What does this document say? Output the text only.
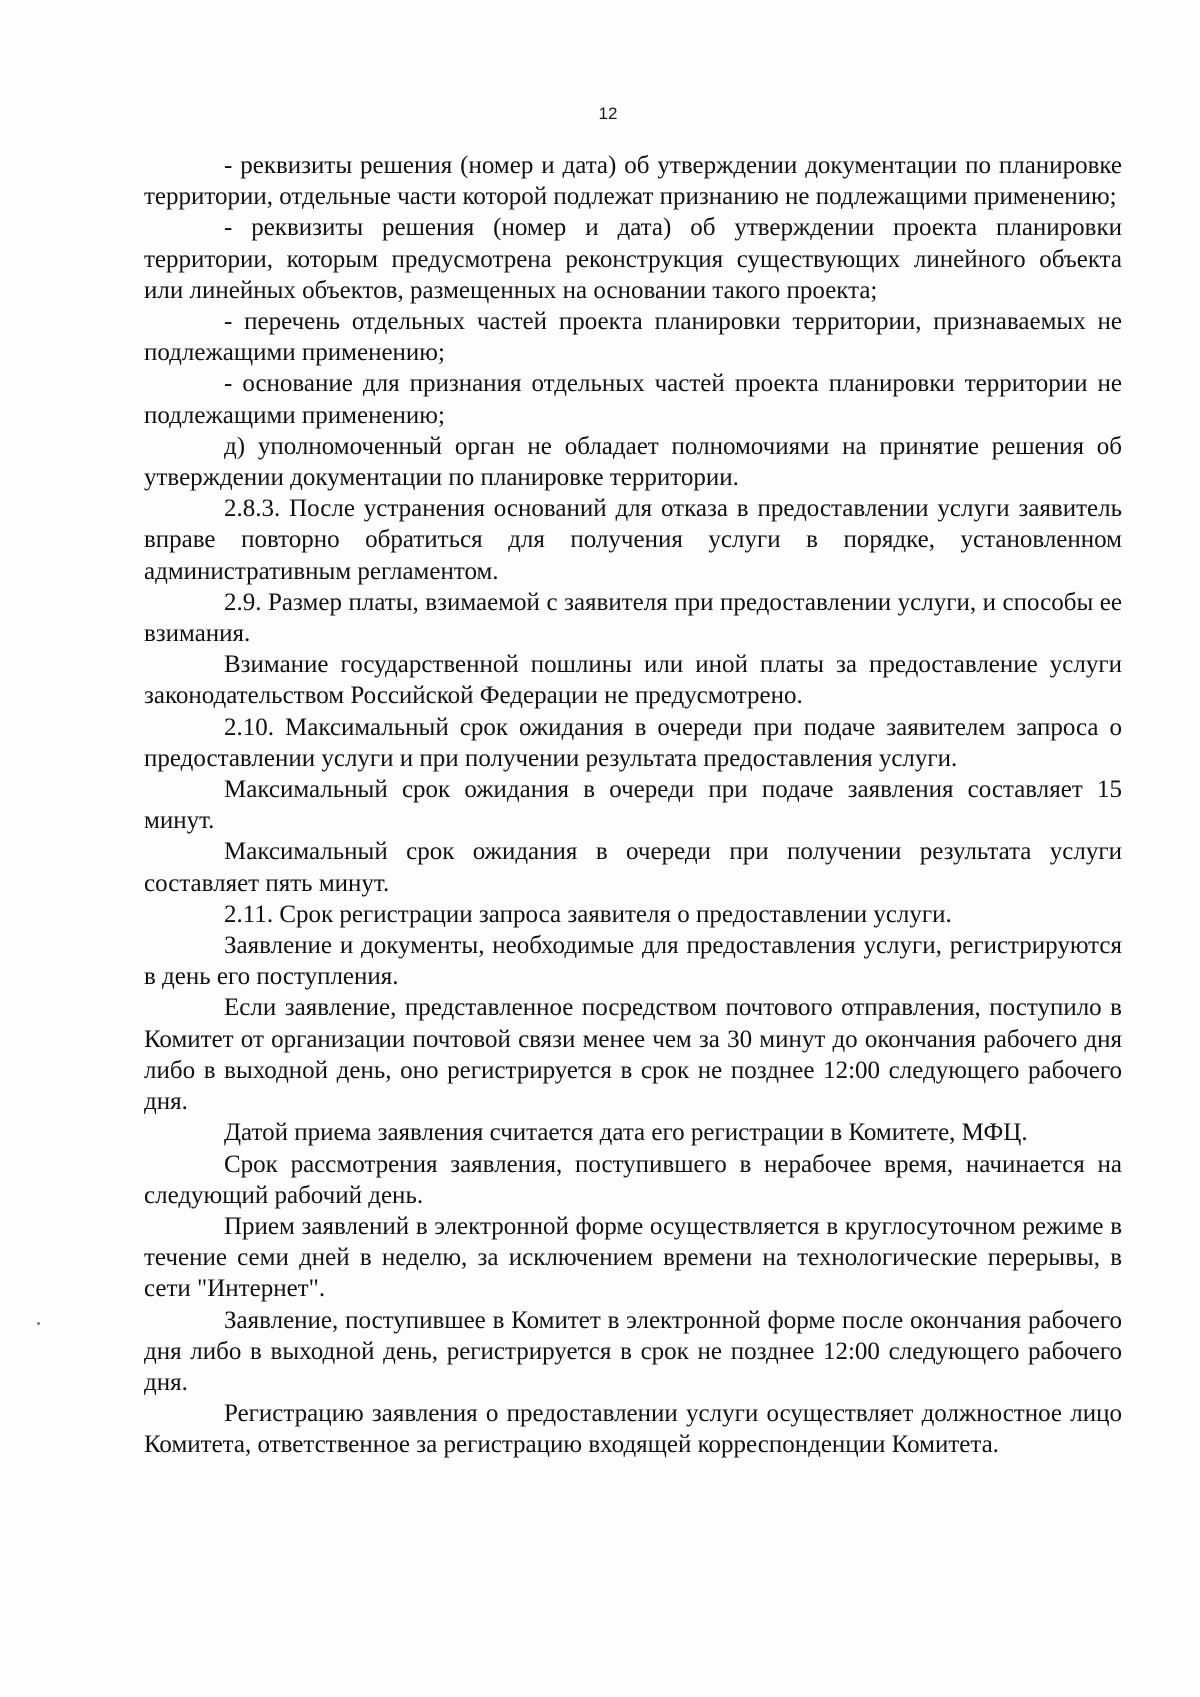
12

- реквизиты решения (номер и дата) об утверждении документации по планировке территории, отдельные части которой подлежат признанию не подлежащими применению;

- реквизиты решения (номер и дата) об утверждении проекта планировки территории, которым предусмотрена реконструкция существующих линейного объекта или линейных объектов, размещенных на основании такого проекта;

- перечень отдельных частей проекта планировки территории, признаваемых не подлежащими применению;

- основание для признания отдельных частей проекта планировки территории не подлежащими применению;

д) уполномоченный орган не обладает полномочиями на принятие решения об утверждении документации по планировке территории.

2.8.3. После устранения оснований для отказа в предоставлении услуги заявитель вправе повторно обратиться для получения услуги в порядке, установленном административным регламентом.

2.9. Размер платы, взимаемой с заявителя при предоставлении услуги, и способы ее взимания.

Взимание государственной пошлины или иной платы за предоставление услуги законодательством Российской Федерации не предусмотрено.

2.10. Максимальный срок ожидания в очереди при подаче заявителем запроса о предоставлении услуги и при получении результата предоставления услуги.

Максимальный срок ожидания в очереди при подаче заявления составляет 15 минут.

Максимальный срок ожидания в очереди при получении результата услуги составляет пять минут.

2.11. Срок регистрации запроса заявителя о предоставлении услуги.

Заявление и документы, необходимые для предоставления услуги, регистрируются в день его поступления.

Если заявление, представленное посредством почтового отправления, поступило в Комитет от организации почтовой связи менее чем за 30 минут до окончания рабочего дня либо в выходной день, оно регистрируется в срок не позднее 12:00 следующего рабочего дня.

Датой приема заявления считается дата его регистрации в Комитете, МФЦ.

Срок рассмотрения заявления, поступившего в нерабочее время, начинается на следующий рабочий день.

Прием заявлений в электронной форме осуществляется в круглосуточном режиме в течение семи дней в неделю, за исключением времени на технологические перерывы, в сети "Интернет".

Заявление, поступившее в Комитет в электронной форме после окончания рабочего дня либо в выходной день, регистрируется в срок не позднее 12:00 следующего рабочего дня.

Регистрацию заявления о предоставлении услуги осуществляет должностное лицо Комитета, ответственное за регистрацию входящей корреспонденции Комитета.
